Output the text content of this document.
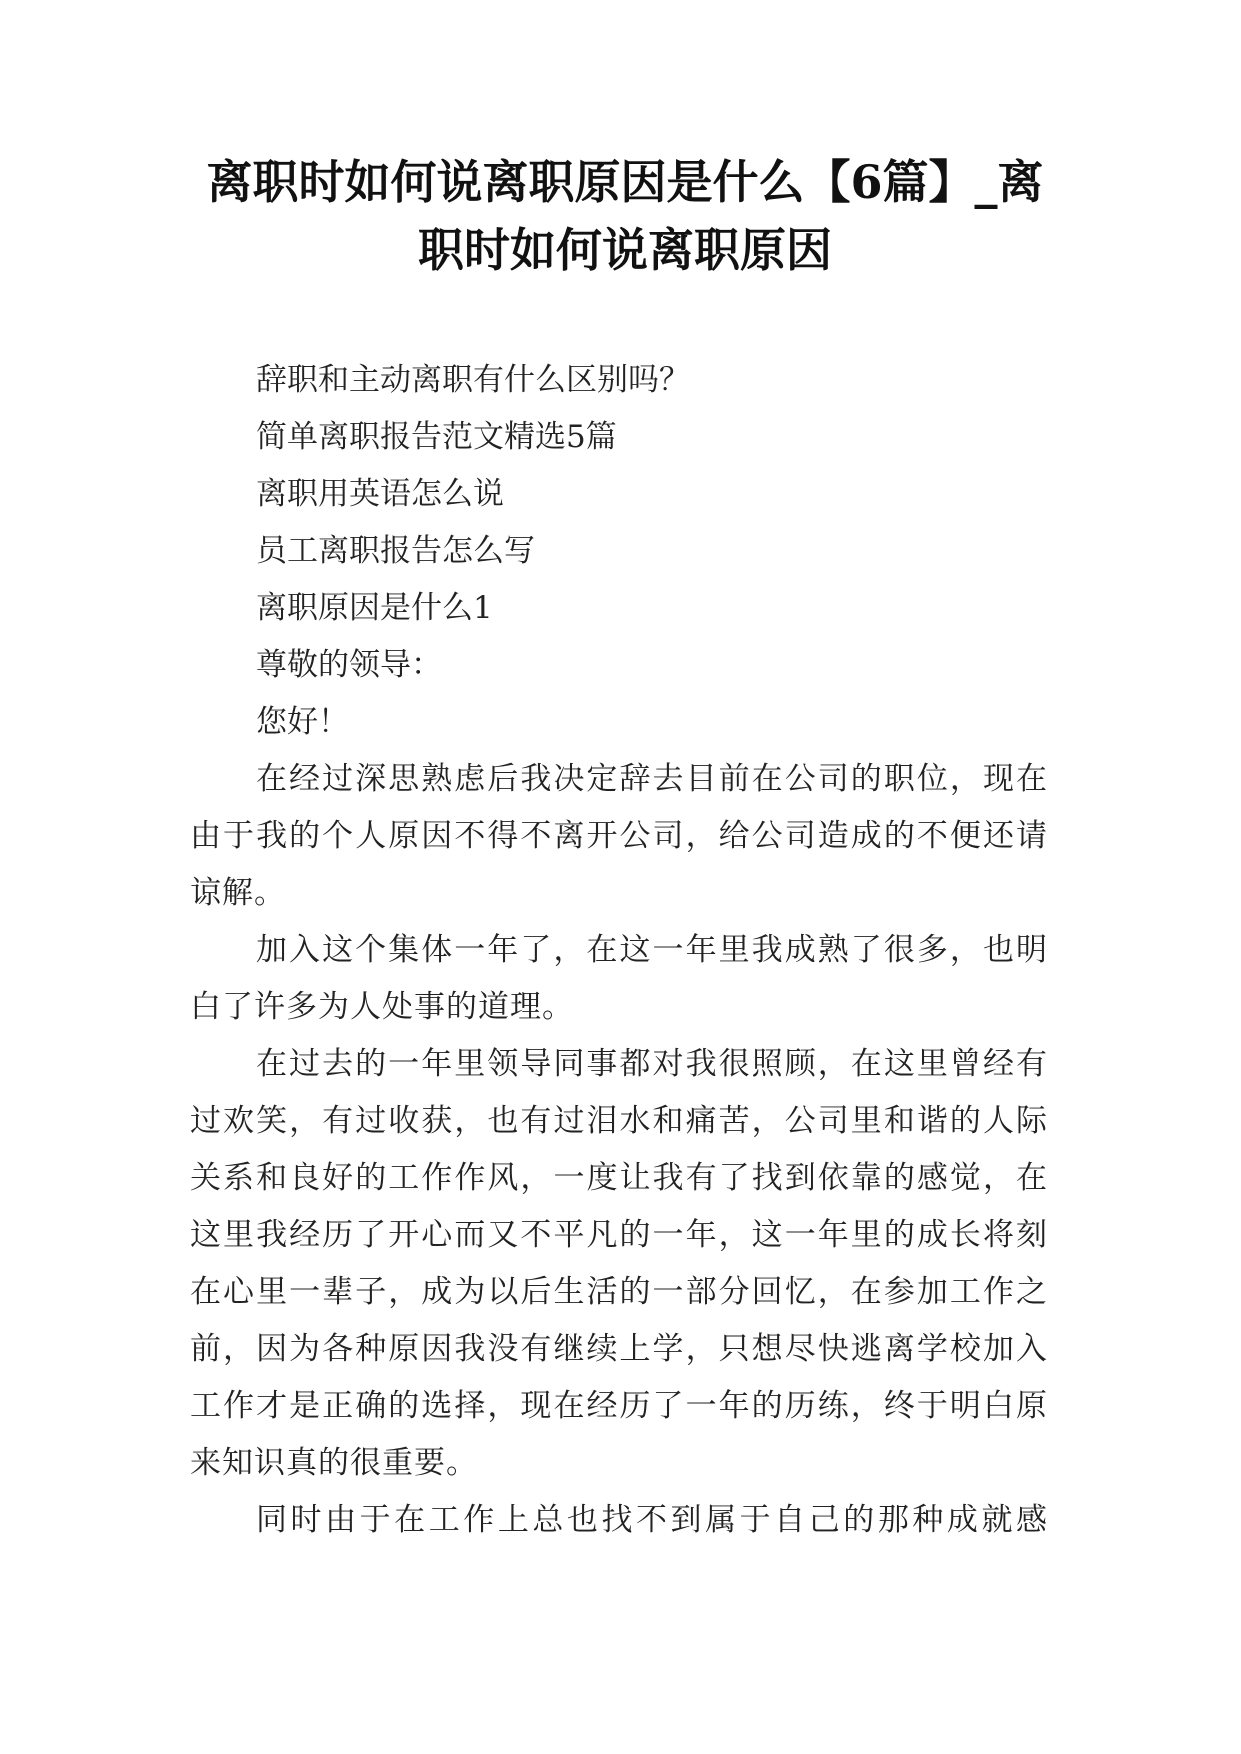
离职时如何说离职原因是什么【6篇】_离职时如何说离职原因

辞职和主动离职有什么区别吗？

简单离职报告范文精选5篇

离职用英语怎么说

员工离职报告怎么写

离职原因是什么1

尊敬的领导：

您好！

在经过深思熟虑后我决定辞去目前在公司的职位，现在由于我的个人原因不得不离开公司，给公司造成的不便还请谅解。

加入这个集体一年了，在这一年里我成熟了很多，也明白了许多为人处事的道理。

在过去的一年里领导同事都对我很照顾，在这里曾经有过欢笑，有过收获，也有过泪水和痛苦，公司里和谐的人际关系和良好的工作作风，一度让我有了找到依靠的感觉，在这里我经历了开心而又不平凡的一年，这一年里的成长将刻在心里一辈子，成为以后生活的一部分回忆，在参加工作之前，因为各种原因我没有继续上学，只想尽快逃离学校加入工作才是正确的选择，现在经历了一年的历练，终于明白原来知识真的很重要。

同时由于在工作上总也找不到属于自己的那种成就感
